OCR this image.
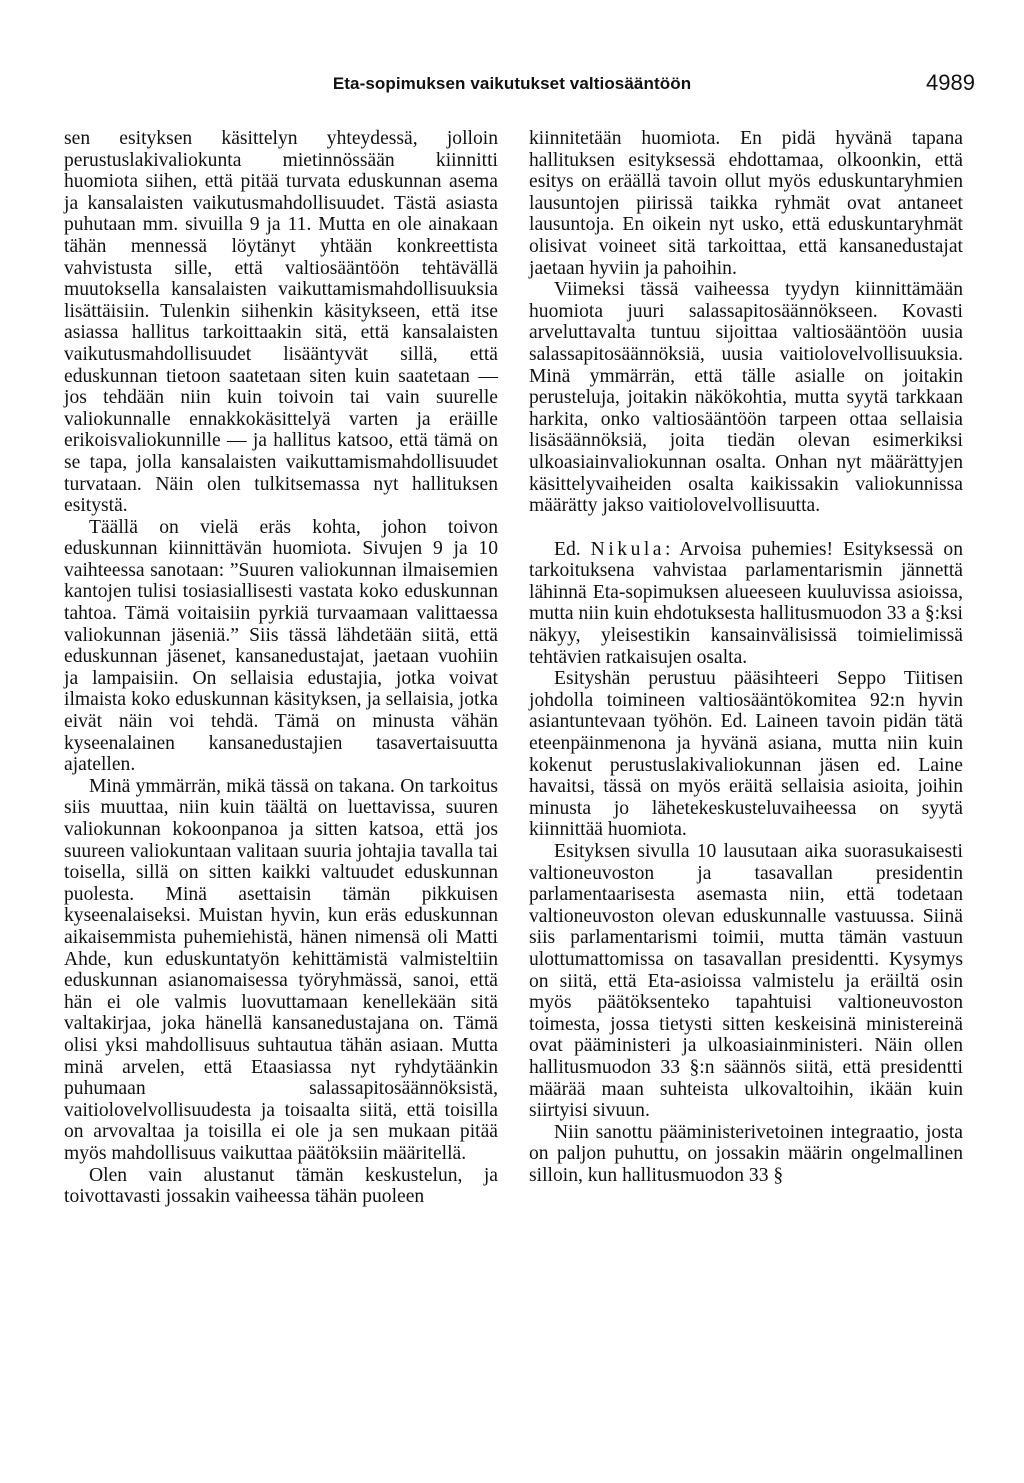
Eta-sopimuksen vaikutukset valtiosääntöön	4989

sen esityksen käsittelyn yhteydessä, jolloin perustuslakivaliokunta mietinnössään kiinnitti huomiota siihen, että pitää turvata eduskunnan asema ja kansalaisten vaikutusmahdollisuudet. Tästä asiasta puhutaan mm. sivuilla 9 ja 11. Mutta en ole ainakaan tähän mennessä löytänyt yhtään konkreettista vahvistusta sille, että valtiosääntöön tehtävällä muutoksella kansalaisten vaikuttamismahdollisuuksia lisättäisiin. Tulenkin siihenkin käsitykseen, että itse asiassa hallitus tarkoittaakin sitä, että kansalaisten vaikutusmahdollisuudet lisääntyvät sillä, että eduskunnan tietoon saatetaan siten kuin saatetaan — jos tehdään niin kuin toivoin tai vain suurelle valiokunnalle ennakkokäsittelyä varten ja eräille erikoisvaliokunnille — ja hallitus katsoo, että tämä on se tapa, jolla kansalaisten vaikuttamismahdollisuudet turvataan. Näin olen tulkitsemassa nyt hallituksen esitystä.

Täällä on vielä eräs kohta, johon toivon eduskunnan kiinnittävän huomiota. Sivujen 9 ja 10 vaihteessa sanotaan: ”Suuren valiokunnan ilmaisemien kantojen tulisi tosiasiallisesti vastata koko eduskunnan tahtoa. Tämä voitaisiin pyrkiä turvaamaan valittaessa valiokunnan jäseniä.” Siis tässä lähdetään siitä, että eduskunnan jäsenet, kansanedustajat, jaetaan vuohiin ja lampaisiin. On sellaisia edustajia, jotka voivat ilmaista koko eduskunnan käsityksen, ja sellaisia, jotka eivät näin voi tehdä. Tämä on minusta vähän kyseenalainen kansanedustajien tasavertaisuutta ajatellen.

Minä ymmärrän, mikä tässä on takana. On tarkoitus siis muuttaa, niin kuin täältä on luettavissa, suuren valiokunnan kokoonpanoa ja sitten katsoa, että jos suureen valiokuntaan valitaan suuria johtajia tavalla tai toisella, sillä on sitten kaikki valtuudet eduskunnan puolesta. Minä asettaisin tämän pikkuisen kyseenalaiseksi. Muistan hyvin, kun eräs eduskunnan aikaisemmista puhemiehistä, hänen nimensä oli Matti Ahde, kun eduskuntatyön kehittämistä valmisteltiin eduskunnan asianomaisessa työryhmässä, sanoi, että hän ei ole valmis luovuttamaan kenellekään sitä valtakirjaa, joka hänellä kansanedustajana on. Tämä olisi yksi mahdollisuus suhtautua tähän asiaan. Mutta minä arvelen, että Etaasiassa nyt ryhdytäänkin puhumaan salassapitosäännöksistä, vaitiolovelvollisuudesta ja toisaalta siitä, että toisilla on arvovaltaa ja toisilla ei ole ja sen mukaan pitää myös mahdollisuus vaikuttaa päätöksiin määritellä.

Olen vain alustanut tämän keskustelun, ja toivottavasti jossakin vaiheessa tähän puoleen

kiinnitetään huomiota. En pidä hyvänä tapana hallituksen esityksessä ehdottamaa, olkoonkin, että esitys on eräällä tavoin ollut myös eduskuntaryhmien lausuntojen piirissä taikka ryhmät ovat antaneet lausuntoja. En oikein nyt usko, että eduskuntaryhmät olisivat voineet sitä tarkoittaa, että kansanedustajat jaetaan hyviin ja pahoihin.

Viimeksi tässä vaiheessa tyydyn kiinnittämään huomiota juuri salassapitosäännökseen. Kovasti arveluttavalta tuntuu sijoittaa valtiosääntöön uusia salassapitosäännöksiä, uusia vaitiolovelvollisuuksia. Minä ymmärrän, että tälle asialle on joitakin perusteluja, joitakin näkökohtia, mutta syytä tarkkaan harkita, onko valtiosääntöön tarpeen ottaa sellaisia lisäsäännöksiä, joita tiedän olevan esimerkiksi ulkoasiainvaliokunnan osalta. Onhan nyt määrättyjen käsittelyvaiheiden osalta kaikissakin valiokunnissa määrätty jakso vaitiolovelvollisuutta.

Ed. Nikula: Arvoisa puhemies! Esityksessä on tarkoituksena vahvistaa parlamentarismin jännettä lähinnä Eta-sopimuksen alueeseen kuuluvissa asioissa, mutta niin kuin ehdotuksesta hallitusmuodon 33 a §:ksi näkyy, yleisestikin kansainvälisissä toimielimissä tehtävien ratkaisujen osalta.

Esityshän perustuu pääsihteeri Seppo Tiitisen johdolla toimineen valtiosääntökomitea 92:n hyvin asiantuntevaan työhön. Ed. Laineen tavoin pidän tätä eteenpäinmenona ja hyvänä asiana, mutta niin kuin kokenut perustuslakivaliokunnan jäsen ed. Laine havaitsi, tässä on myös eräitä sellaisia asioita, joihin minusta jo lähetekeskusteluvaiheessa on syytä kiinnittää huomiota.

Esityksen sivulla 10 lausutaan aika suorasukaisesti valtioneuvoston ja tasavallan presidentin parlamentaarisesta asemasta niin, että todetaan valtioneuvoston olevan eduskunnalle vastuussa. Siinä siis parlamentarismi toimii, mutta tämän vastuun ulottumattomissa on tasavallan presidentti. Kysymys on siitä, että Eta-asioissa valmistelu ja eräiltä osin myös päätöksenteko tapahtuisi valtioneuvoston toimesta, jossa tietysti sitten keskeisinä ministereinä ovat pääministeri ja ulkoasiainministeri. Näin ollen hallitusmuodon 33 §:n säännös siitä, että presidentti määrää maan suhteista ulkovaltoihin, ikään kuin siirtyisi sivuun.

Niin sanottu pääministerivetoinen integraatio, josta on paljon puhuttu, on jossakin määrin ongelmallinen silloin, kun hallitusmuodon 33 §
